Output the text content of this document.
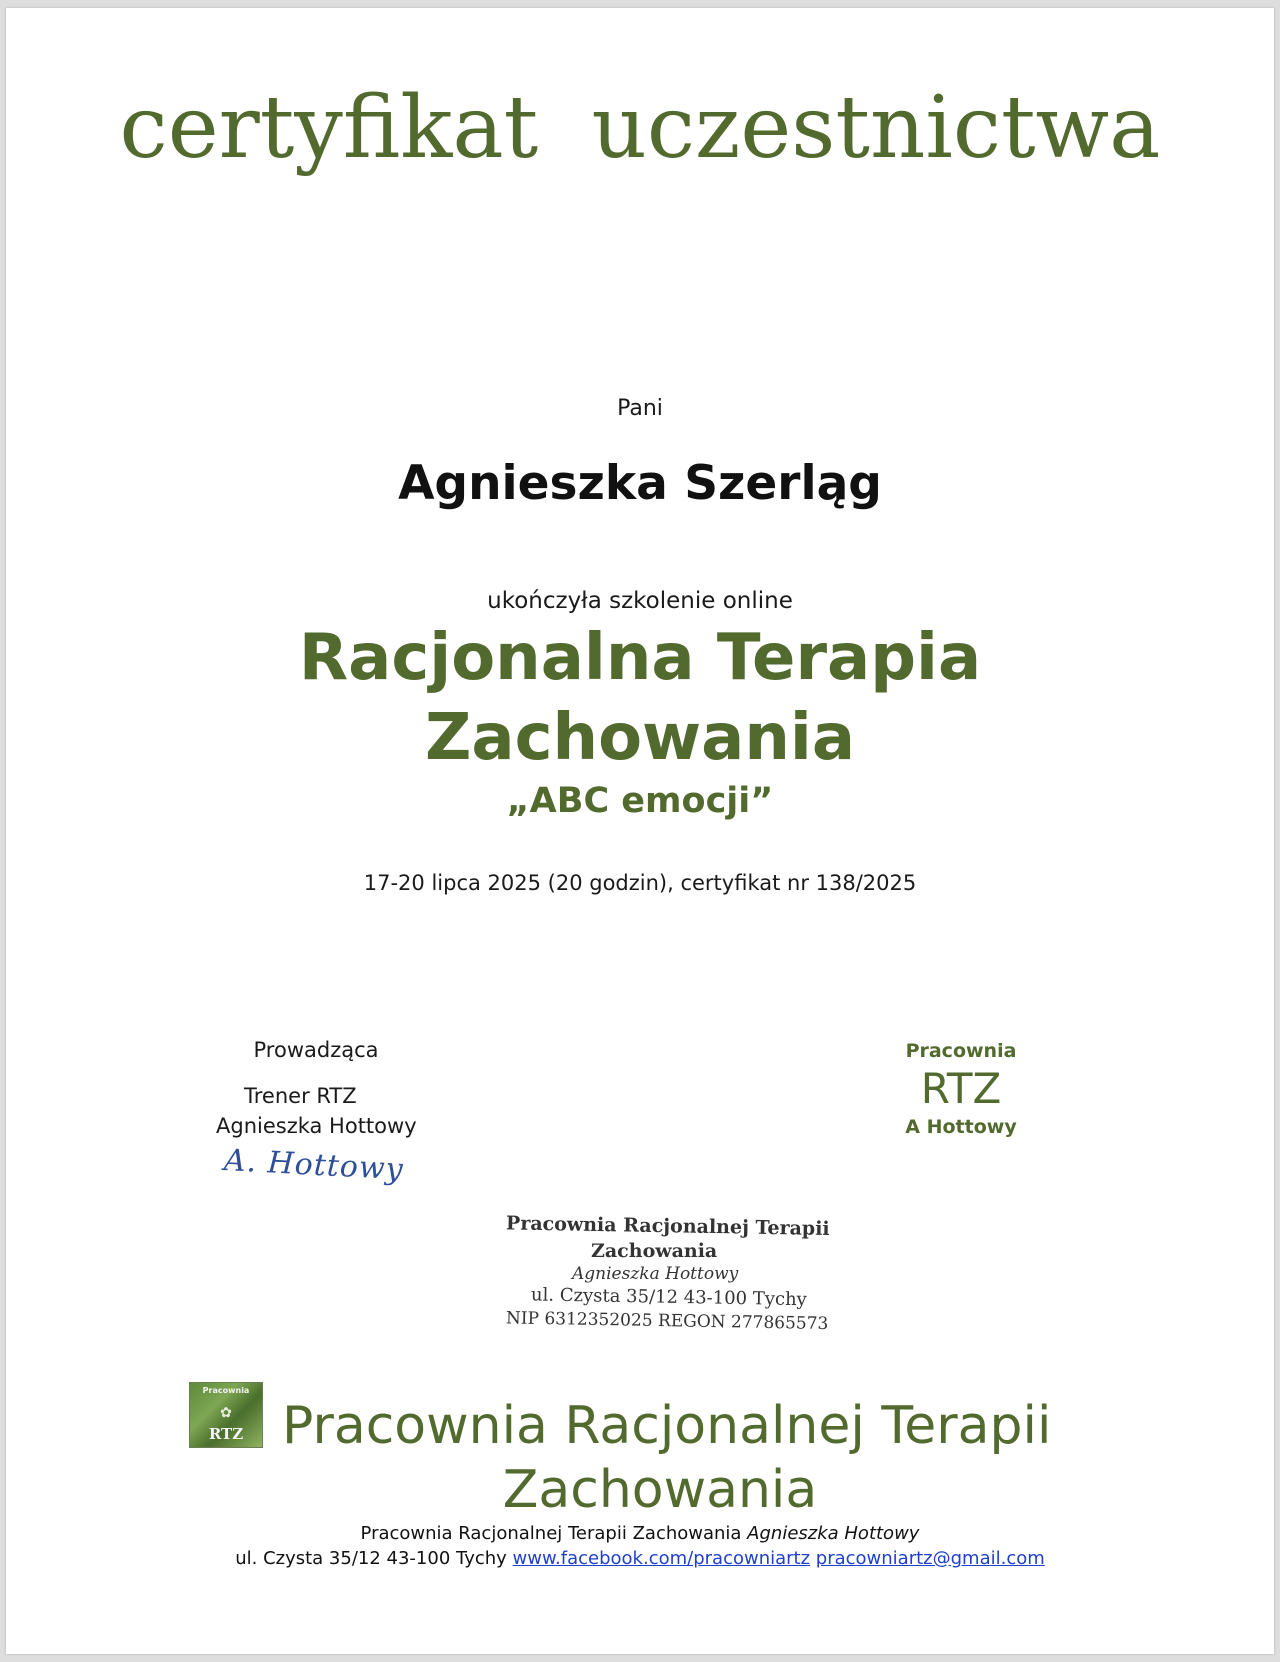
certyfikat uczestnictwa
Pani
Agnieszka Szerląg
ukończyła szkolenie online
Racjonalna Terapia
Zachowania
„ABC emocji”
17-20 lipca 2025 (20 godzin), certyfikat nr 138/2025
Prowadząca
Trener RTZ
Agnieszka Hottowy
A. Hottowy
Pracownia
RTZ
A Hottowy
Pracownia Racjonalnej Terapii
Zachowania
Agnieszka Hottowy
ul. Czysta 35/12 43-100 Tychy
NIP 6312352025 REGON 277865573
Pracownia
✿
RTZ Pracownia Racjonalnej Terapii
Zachowania
Pracownia Racjonalnej Terapii Zachowania Agnieszka Hottowy
ul. Czysta 35/12 43-100 Tychy www.facebook.com/pracowniartz pracowniartz@gmail.com
